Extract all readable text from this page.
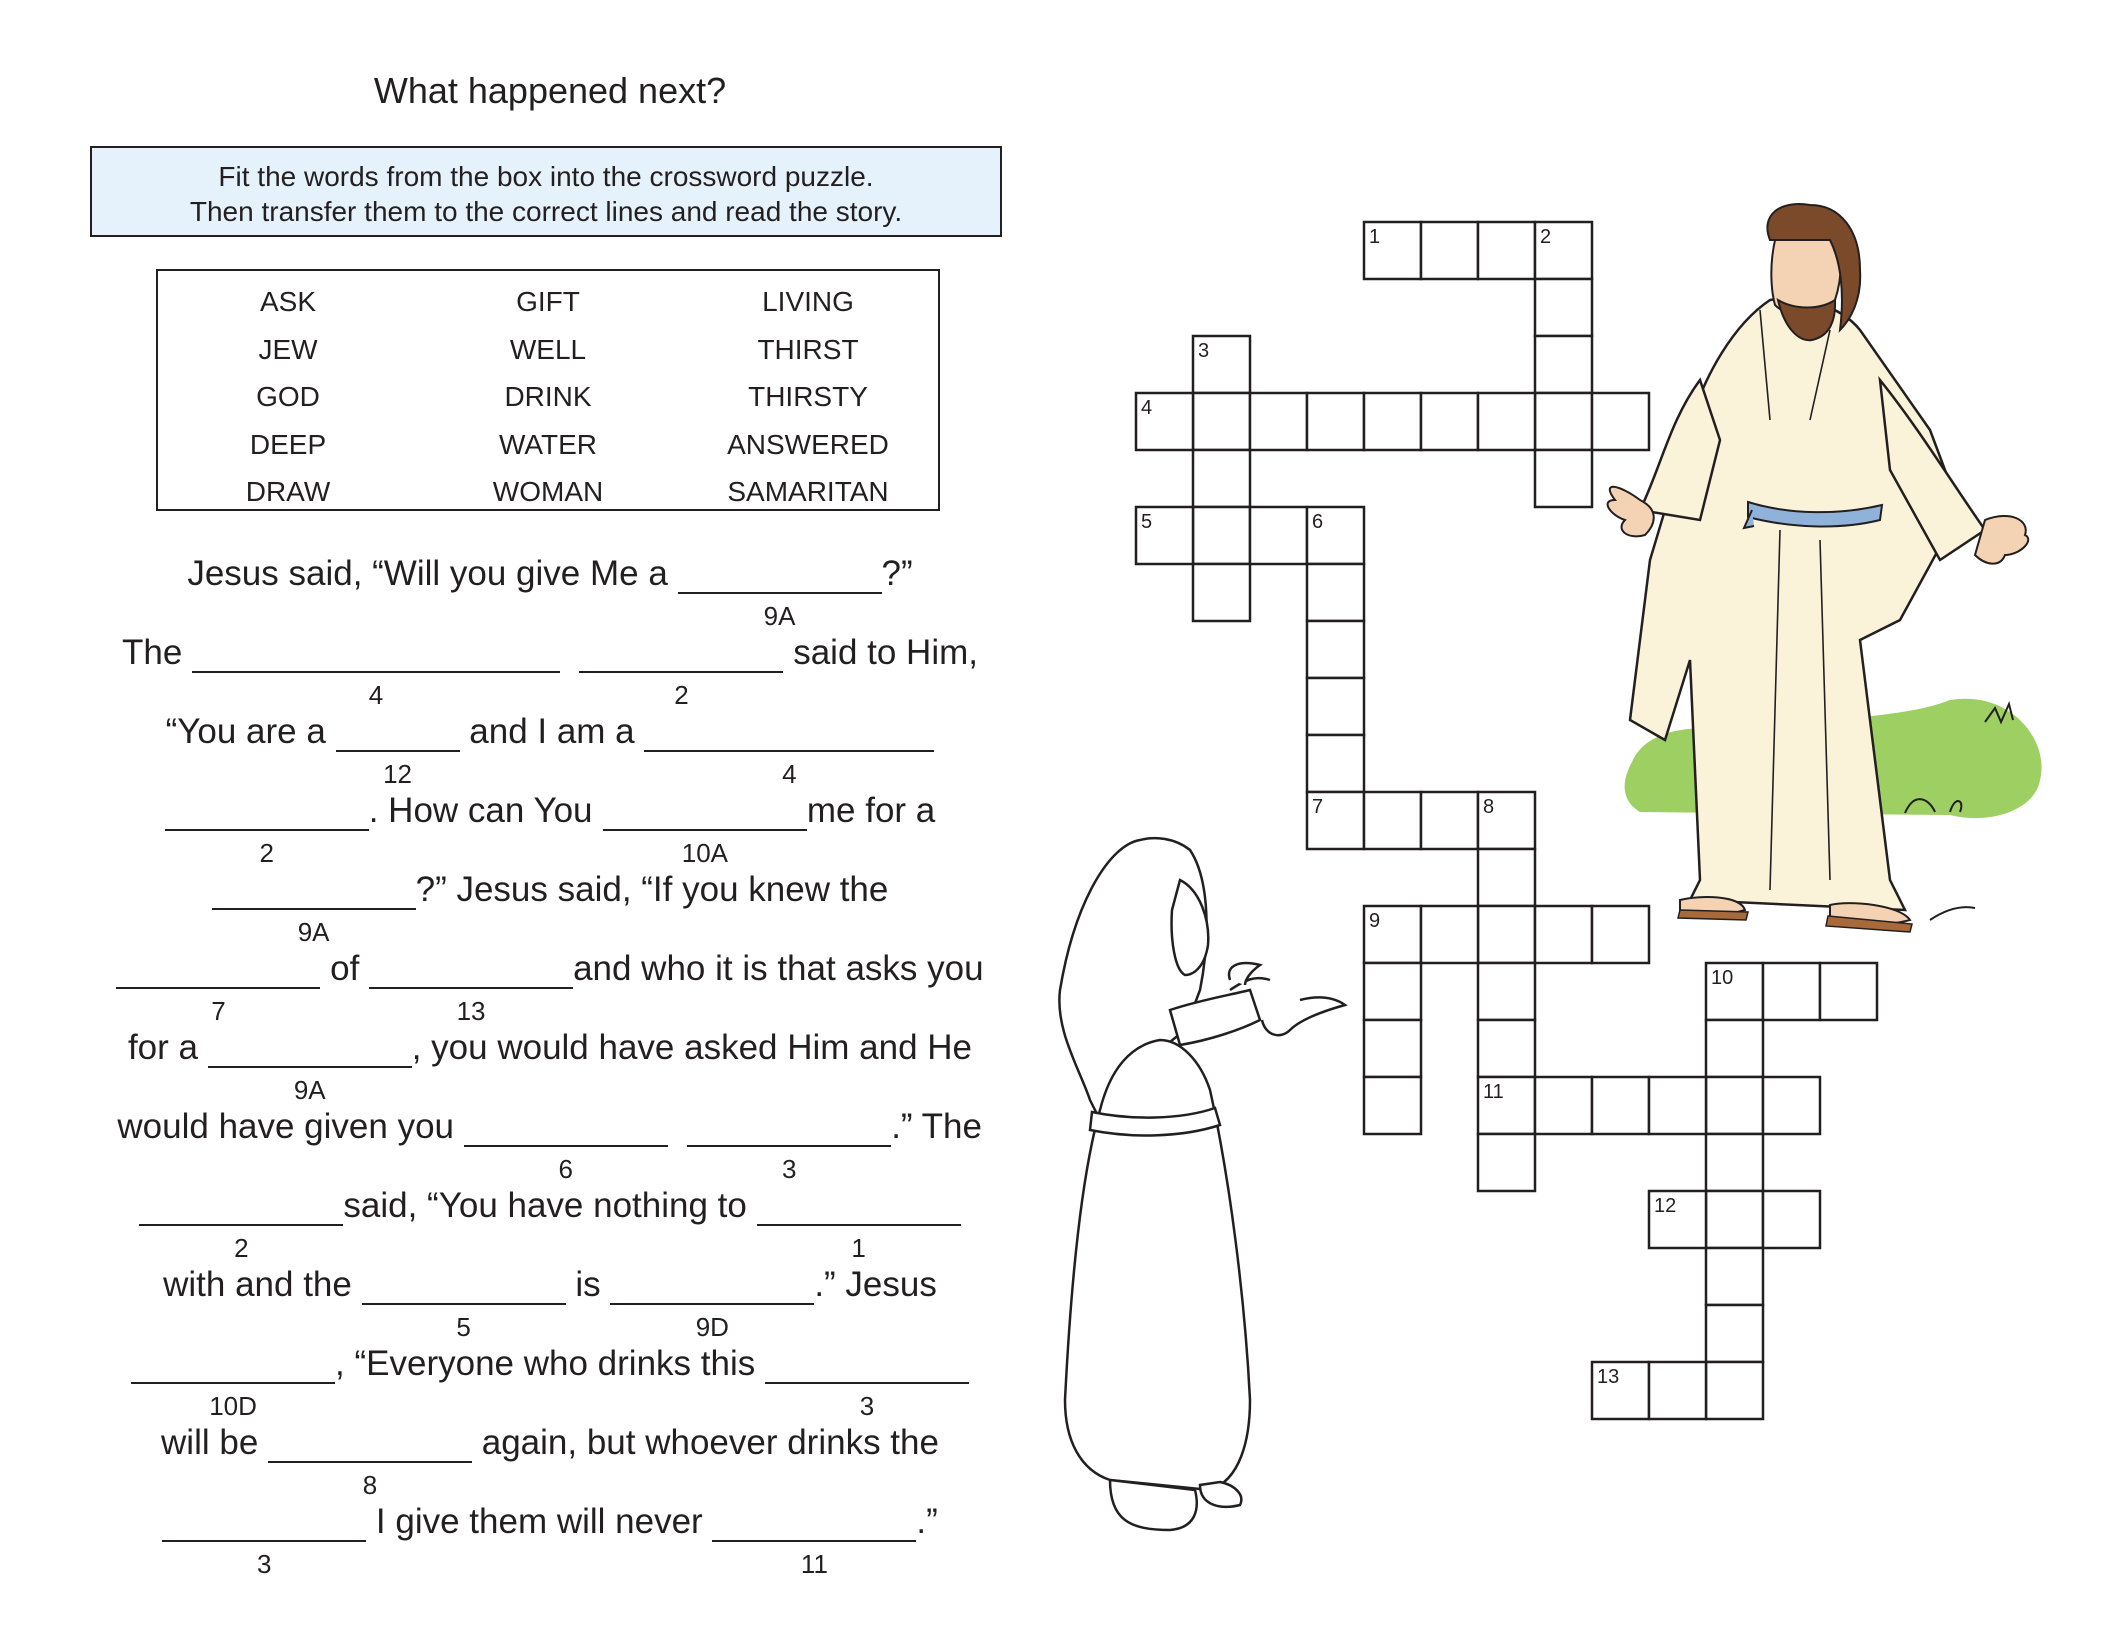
What happened next?
Fit the words from the box into the crossword puzzle.
Then transfer them to the correct lines and read the story.
ASK	GIFT	LIVING
JEW	WELL	THIRST
GOD	DRINK	THIRSTY
DEEP	WATER	ANSWERED
DRAW	WOMAN	SAMARITAN
Jesus said, “Will you give Me a
9A
?”
The
4
	2
said to Him,
“You are a
12
and I am a
4
2
. How can You
10A
me for a
9A
?” Jesus said, “If you knew the
7
of
13
and who it is that asks you
for a
9A
, you would have asked Him and He
would have given you
6
	3
.” The
2
said, “You have nothing to
1
with and the
5
is
9D
.” Jesus
10D
, “Everyone who drinks this
3
will be
8
again, but whoever drinks the
3
I give them will never
11
.”
1	2
3
4
5	6
7	8
9
10
11
12
13
